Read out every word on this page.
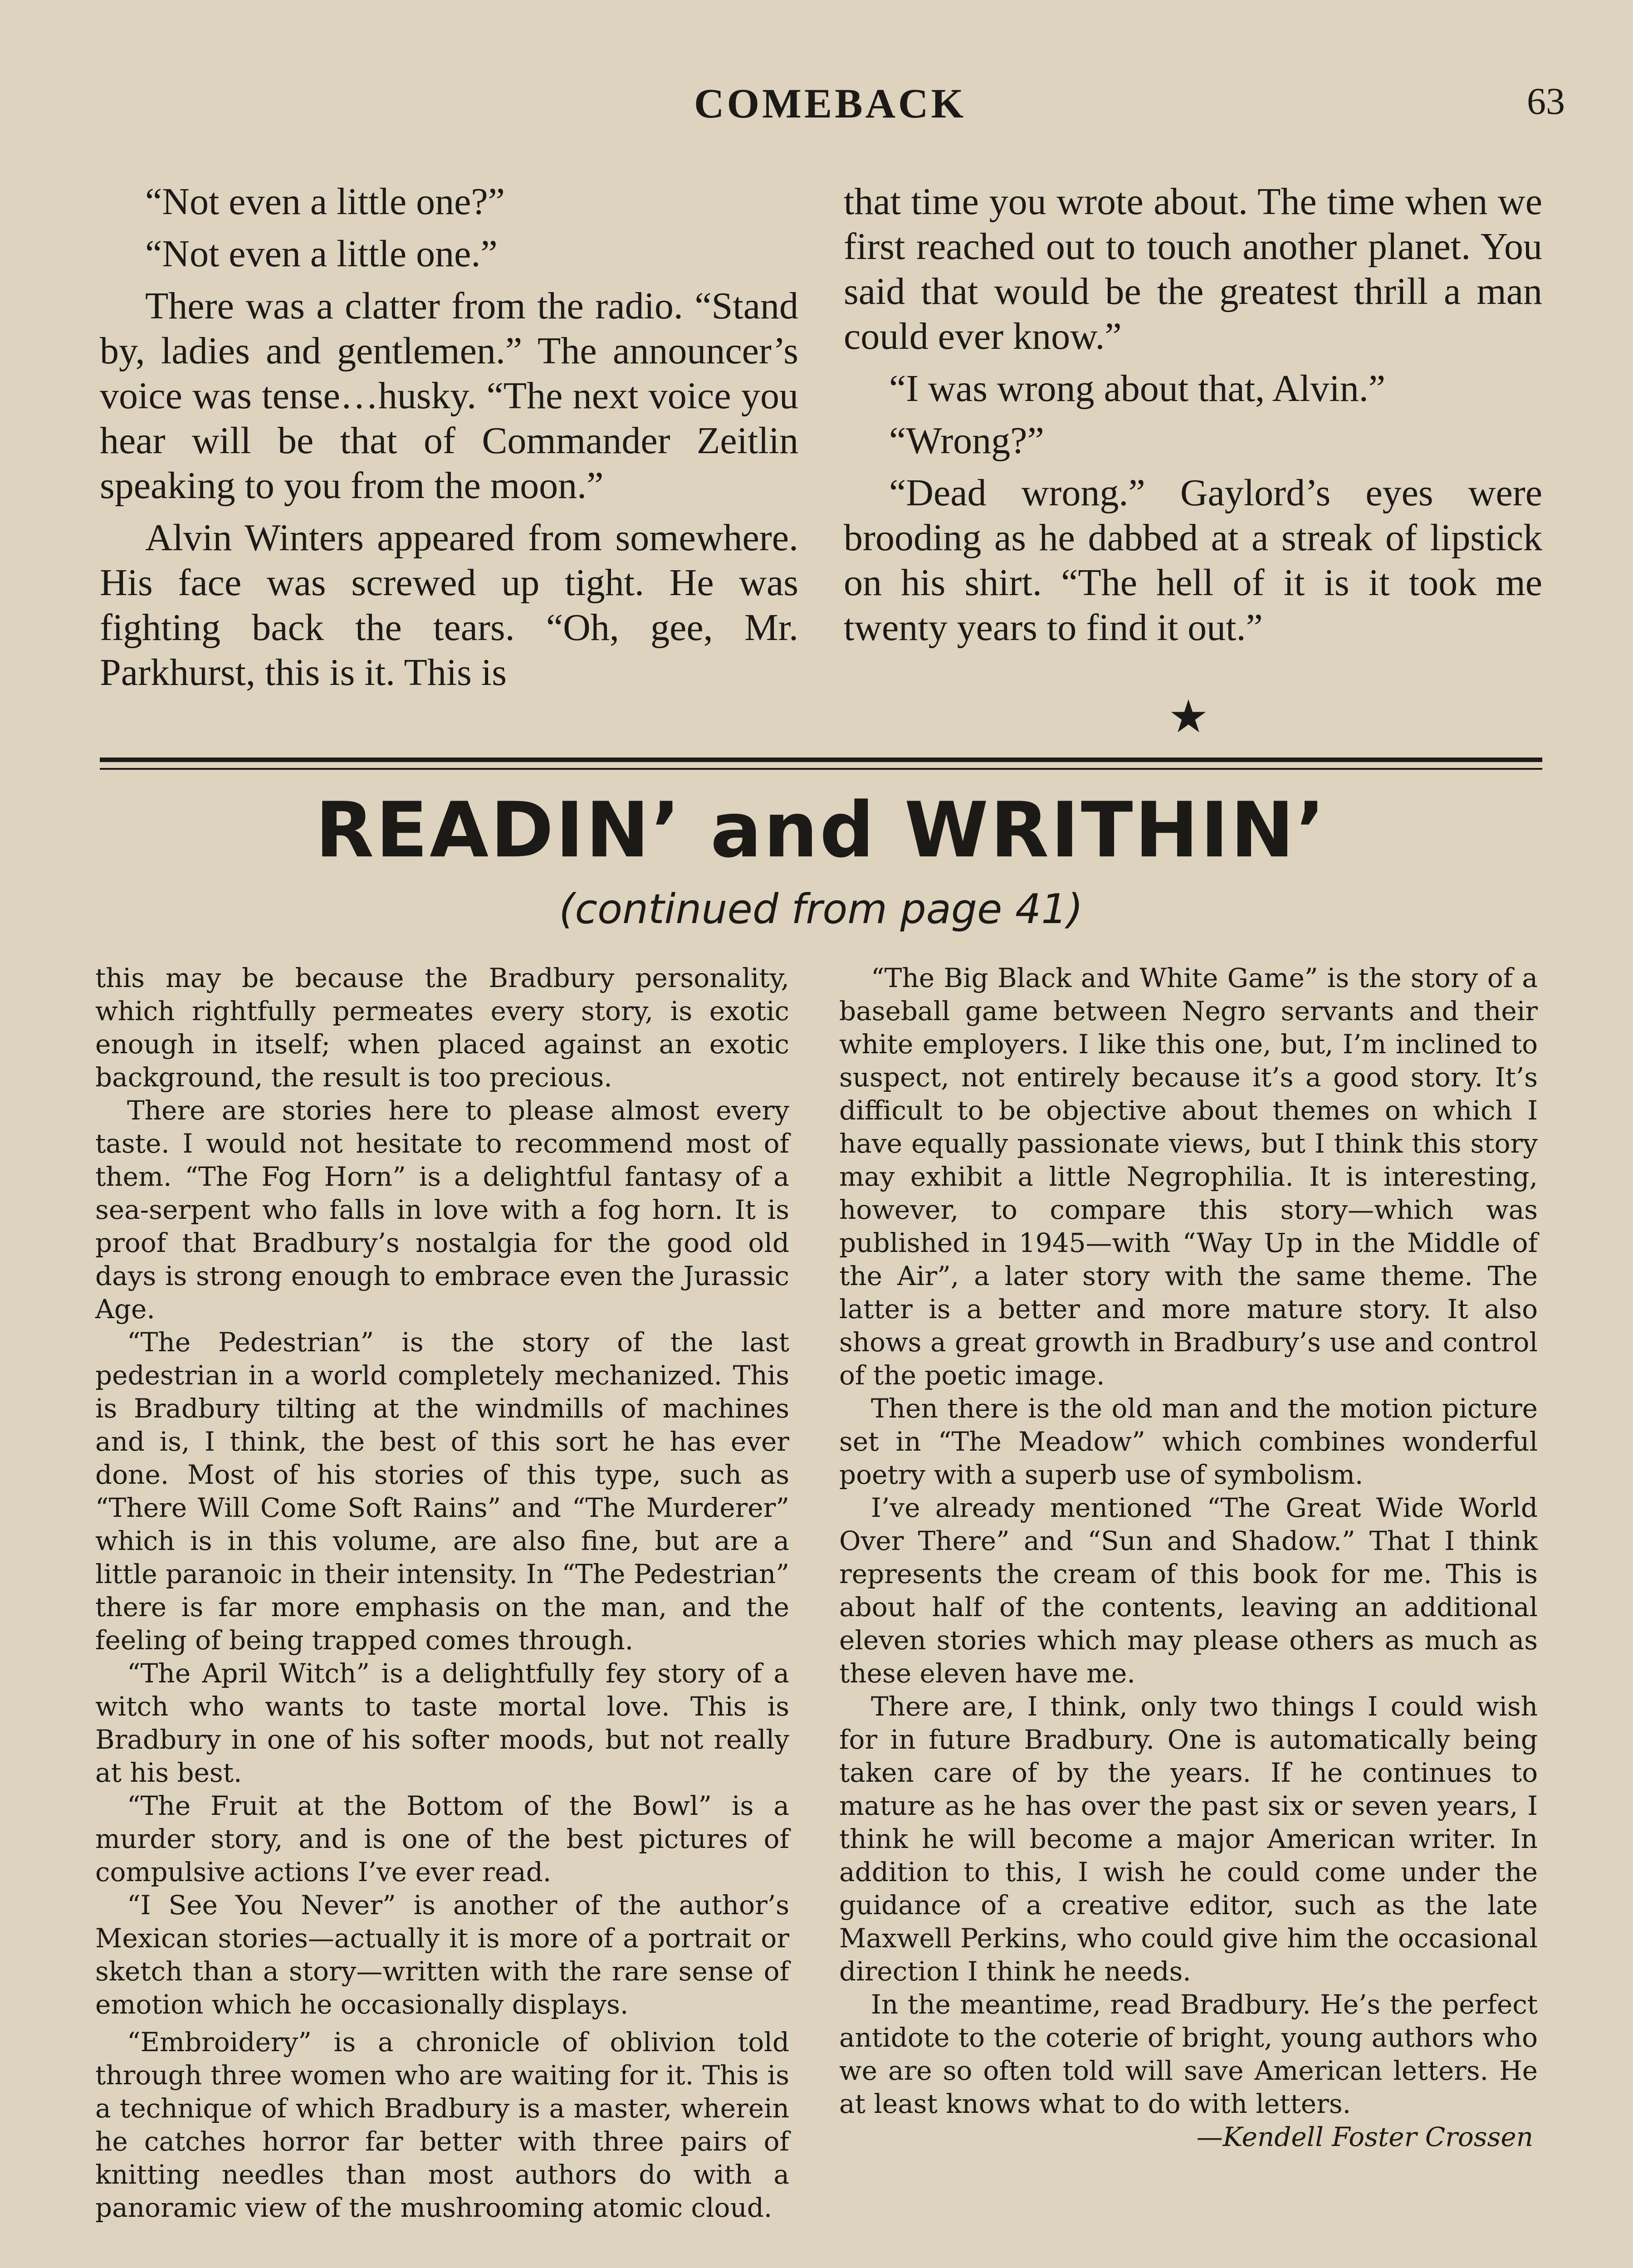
COMEBACK	63

“Not even a little one?”

“Not even a little one.”

There was a clatter from the radio. “Stand by, ladies and gentlemen.” The announcer’s voice was tense…husky. “The next voice you hear will be that of Commander Zeitlin speaking to you from the moon.”

Alvin Winters appeared from somewhere. His face was screwed up tight. He was fighting back the tears. “Oh, gee, Mr. Parkhurst, this is it. This is

that time you wrote about. The time when we first reached out to touch another planet. You said that would be the greatest thrill a man could ever know.”

“I was wrong about that, Alvin.”

“Wrong?”

“Dead wrong.” Gaylord’s eyes were brooding as he dabbed at a streak of lipstick on his shirt. “The hell of it is it took me twenty years to find it out.”

★
READIN’ and WRITHIN’
(continued from page 41)

this may be because the Bradbury personality, which rightfully permeates every story, is exotic enough in itself; when placed against an exotic background, the result is too precious.

There are stories here to please almost every taste. I would not hesitate to recommend most of them. “The Fog Horn” is a delightful fantasy of a sea-serpent who falls in love with a fog horn. It is proof that Bradbury’s nostalgia for the good old days is strong enough to embrace even the Jurassic Age.

“The Pedestrian” is the story of the last pedestrian in a world completely mechanized. This is Bradbury tilting at the windmills of machines and is, I think, the best of this sort he has ever done. Most of his stories of this type, such as “There Will Come Soft Rains” and “The Murderer” which is in this volume, are also fine, but are a little paranoic in their intensity. In “The Pedestrian” there is far more emphasis on the man, and the feeling of being trapped comes through.

“The April Witch” is a delightfully fey story of a witch who wants to taste mortal love. This is Bradbury in one of his softer moods, but not really at his best.

“The Fruit at the Bottom of the Bowl” is a murder story, and is one of the best pictures of compulsive actions I’ve ever read.

“I See You Never” is another of the author’s Mexican stories—actually it is more of a portrait or sketch than a story—written with the rare sense of emotion which he occasionally displays.

“Embroidery” is a chronicle of oblivion told through three women who are waiting for it. This is a technique of which Bradbury is a master, wherein he catches horror far better with three pairs of knitting needles than most authors do with a panoramic view of the mushrooming atomic cloud.

“The Big Black and White Game” is the story of a baseball game between Negro servants and their white employers. I like this one, but, I’m inclined to suspect, not entirely because it’s a good story. It’s difficult to be objective about themes on which I have equally passionate views, but I think this story may exhibit a little Negrophilia. It is interesting, however, to compare this story—which was published in 1945—with “Way Up in the Middle of the Air”, a later story with the same theme. The latter is a better and more mature story. It also shows a great growth in Bradbury’s use and control of the poetic image.

Then there is the old man and the motion picture set in “The Meadow” which combines wonderful poetry with a superb use of symbolism.

I’ve already mentioned “The Great Wide World Over There” and “Sun and Shadow.” That I think represents the cream of this book for me. This is about half of the contents, leaving an additional eleven stories which may please others as much as these eleven have me.

There are, I think, only two things I could wish for in future Bradbury. One is automatically being taken care of by the years. If he continues to mature as he has over the past six or seven years, I think he will become a major American writer. In addition to this, I wish he could come under the guidance of a creative editor, such as the late Maxwell Perkins, who could give him the occasional direction I think he needs.

In the meantime, read Bradbury. He’s the perfect antidote to the coterie of bright, young authors who we are so often told will save American letters. He at least knows what to do with letters.

—Kendell Foster Crossen
